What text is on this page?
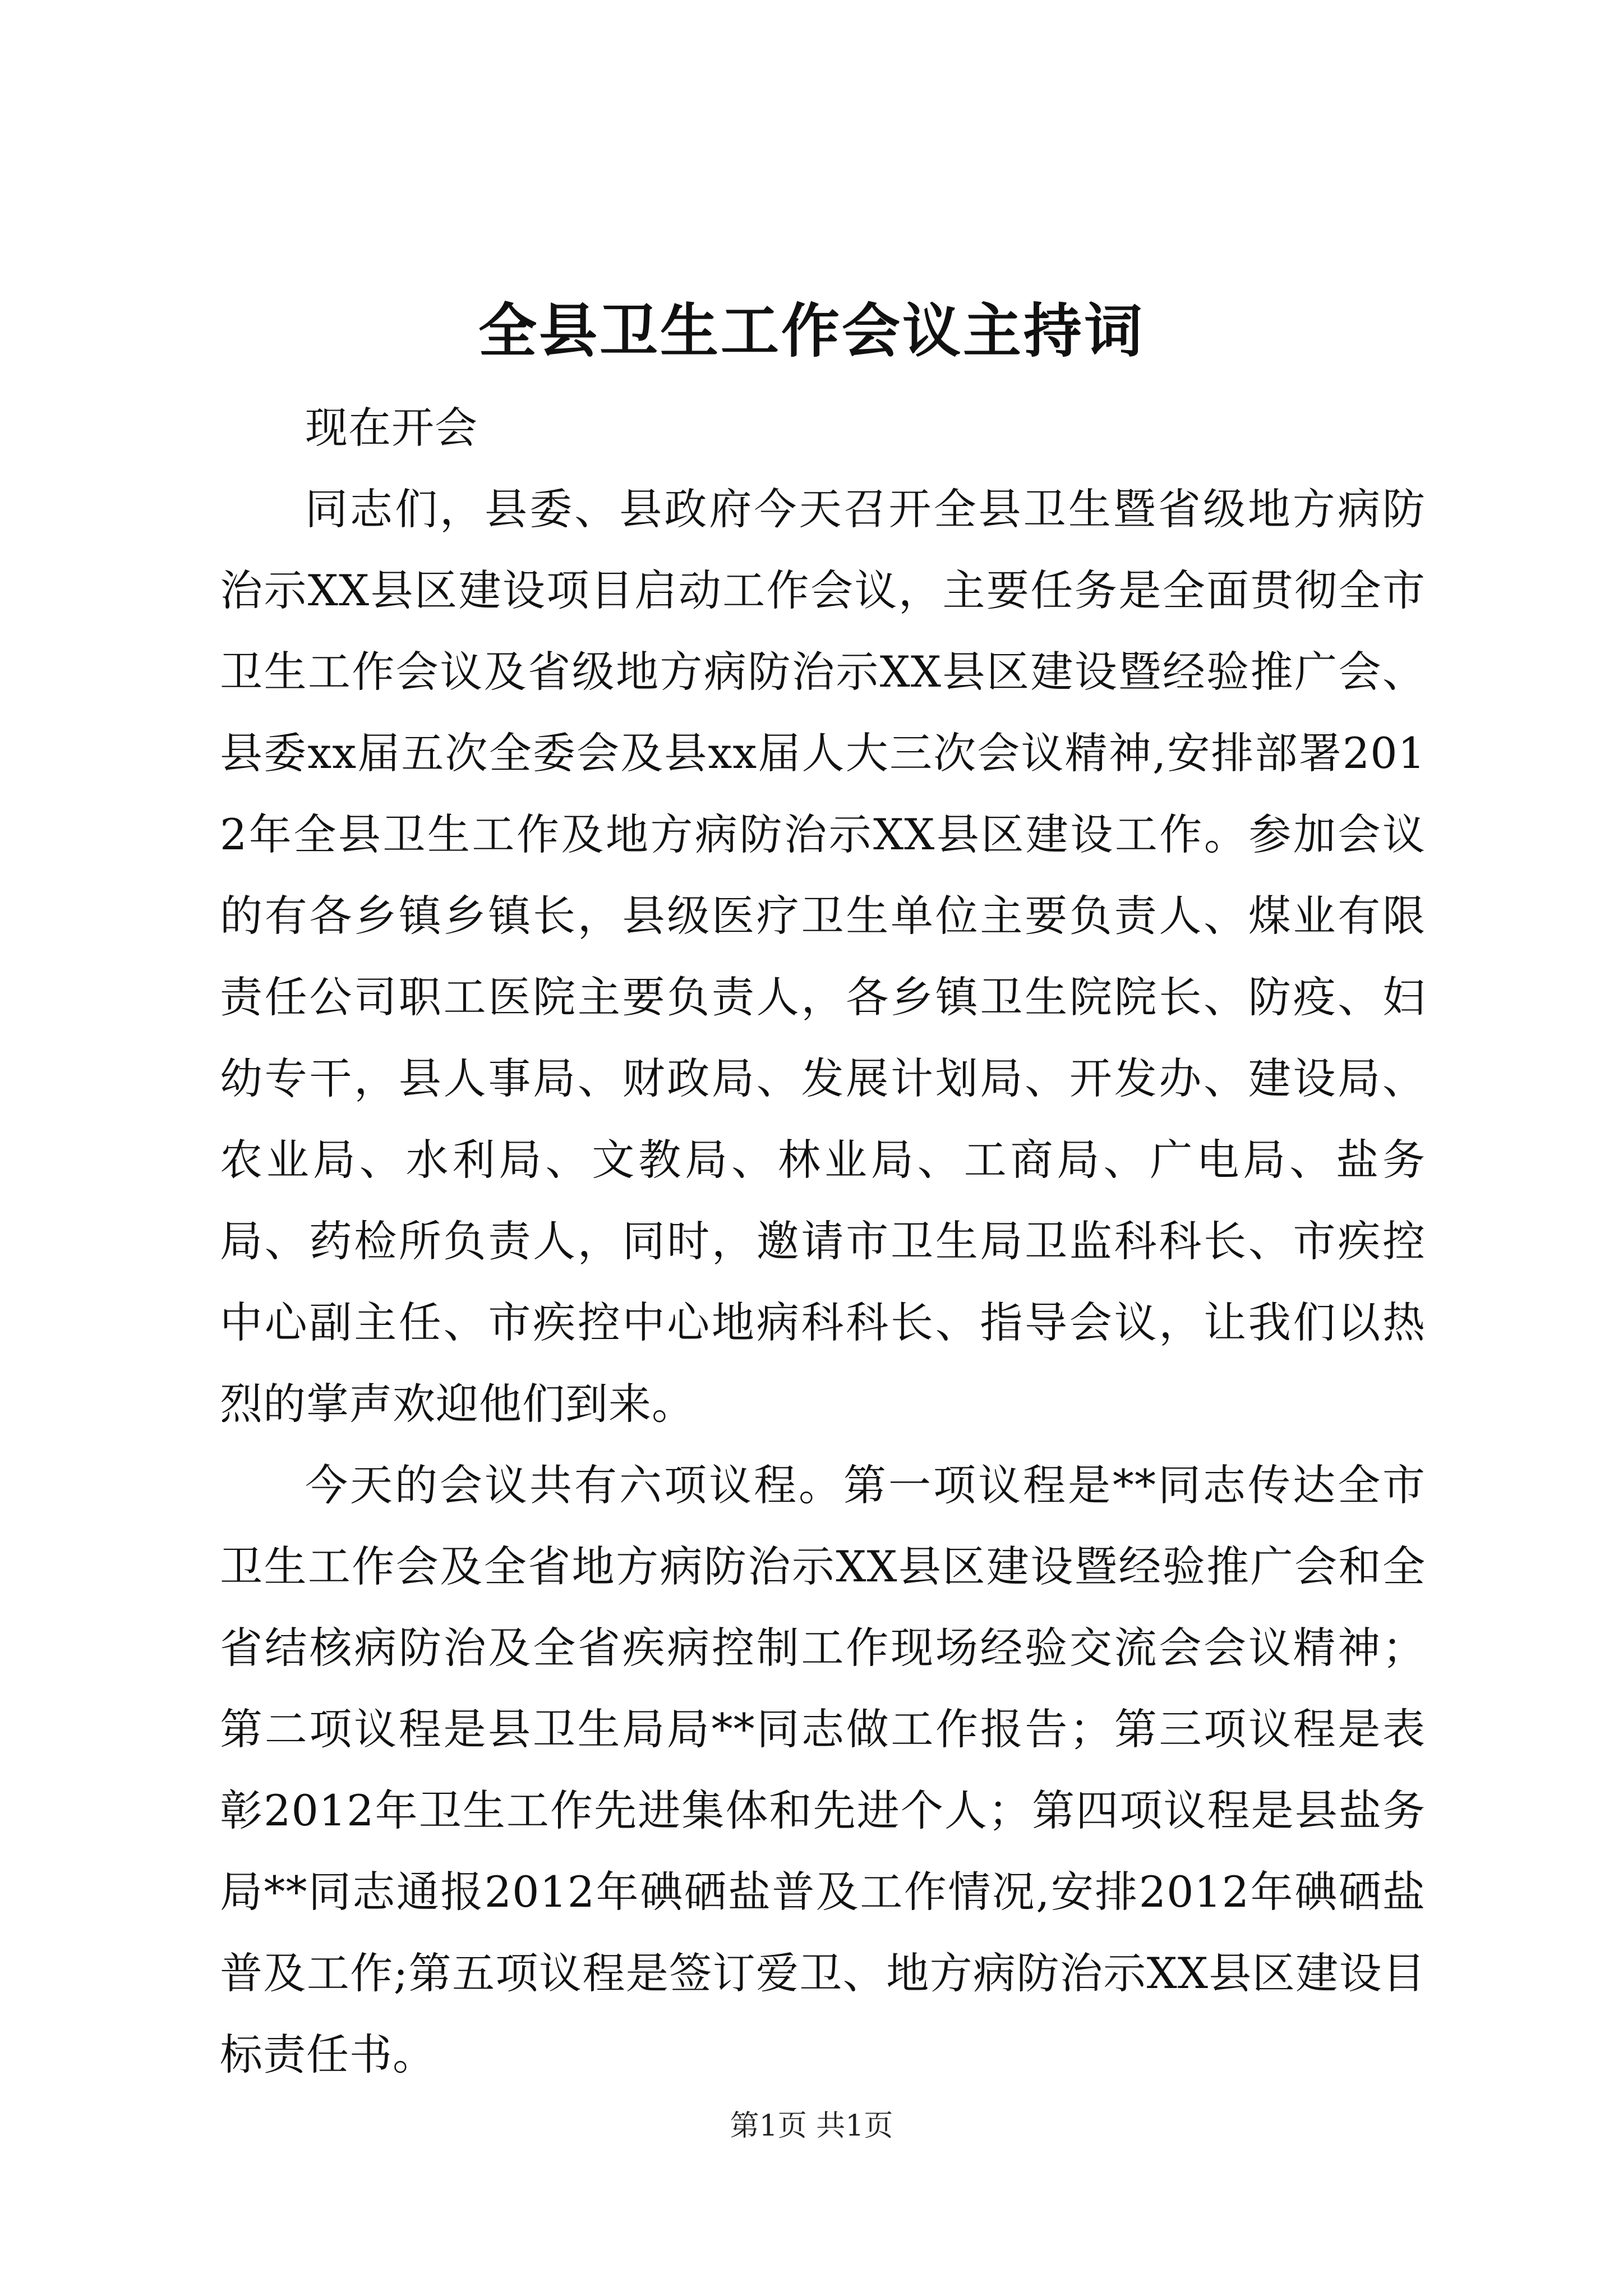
全县卫生工作会议主持词

现在开会

同志们，县委、县政府今天召开全县卫生暨省级地方病防治示XX县区建设项目启动工作会议，主要任务是全面贯彻全市卫生工作会议及省级地方病防治示XX县区建设暨经验推广会、县委xx届五次全委会及县xx届人大三次会议精神,安排部署2012年全县卫生工作及地方病防治示XX县区建设工作。参加会议的有各乡镇乡镇长，县级医疗卫生单位主要负责人、煤业有限责任公司职工医院主要负责人，各乡镇卫生院院长、防疫、妇幼专干，县人事局、财政局、发展计划局、开发办、建设局、农业局、水利局、文教局、林业局、工商局、广电局、盐务局、药检所负责人，同时，邀请市卫生局卫监科科长、市疾控中心副主任、市疾控中心地病科科长、指导会议，让我们以热烈的掌声欢迎他们到来。

今天的会议共有六项议程。第一项议程是**同志传达全市卫生工作会及全省地方病防治示XX县区建设暨经验推广会和全省结核病防治及全省疾病控制工作现场经验交流会会议精神；第二项议程是县卫生局局**同志做工作报告；第三项议程是表彰2012年卫生工作先进集体和先进个人；第四项议程是县盐务局**同志通报2012年碘硒盐普及工作情况,安排2012年碘硒盐普及工作;第五项议程是签订爱卫、地方病防治示XX县区建设目标责任书。

第1页 共1页
